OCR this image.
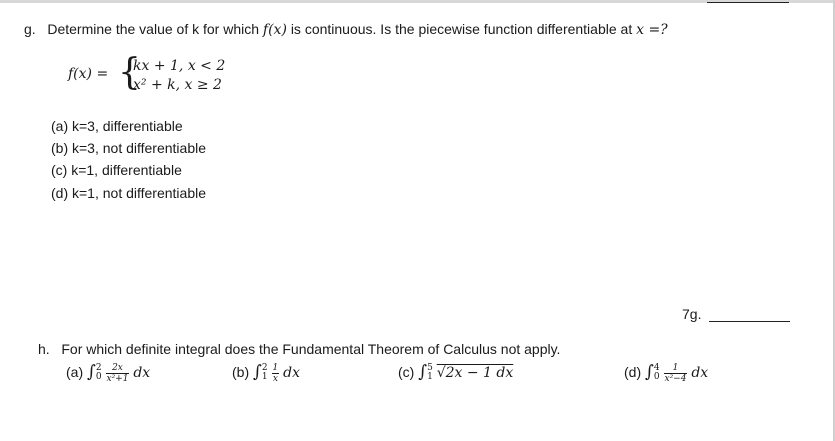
g. Determine the value of k for which f(x) is continuous. Is the piecewise function differentiable at x =?
f(x) = {
kx + 1, x < 2
x² + k, x ≥ 2
(a) k=3, differentiable
(b) k=3, not differentiable
(c) k=1, differentiable
(d) k=1, not differentiable
7g.
h. For which definite integral does the Fundamental Theorem of Calculus not apply.
(a) ∫ 2
0
$\frac{2x}{\text{x²+1}}$ dx	(b) ∫ 2
1
$\frac{1}{x}$ dx	(c) ∫ 5
1 √2x − 1 dx	(d) ∫ 4
0
$\frac{1}{\text{x²−4}}$ dx
